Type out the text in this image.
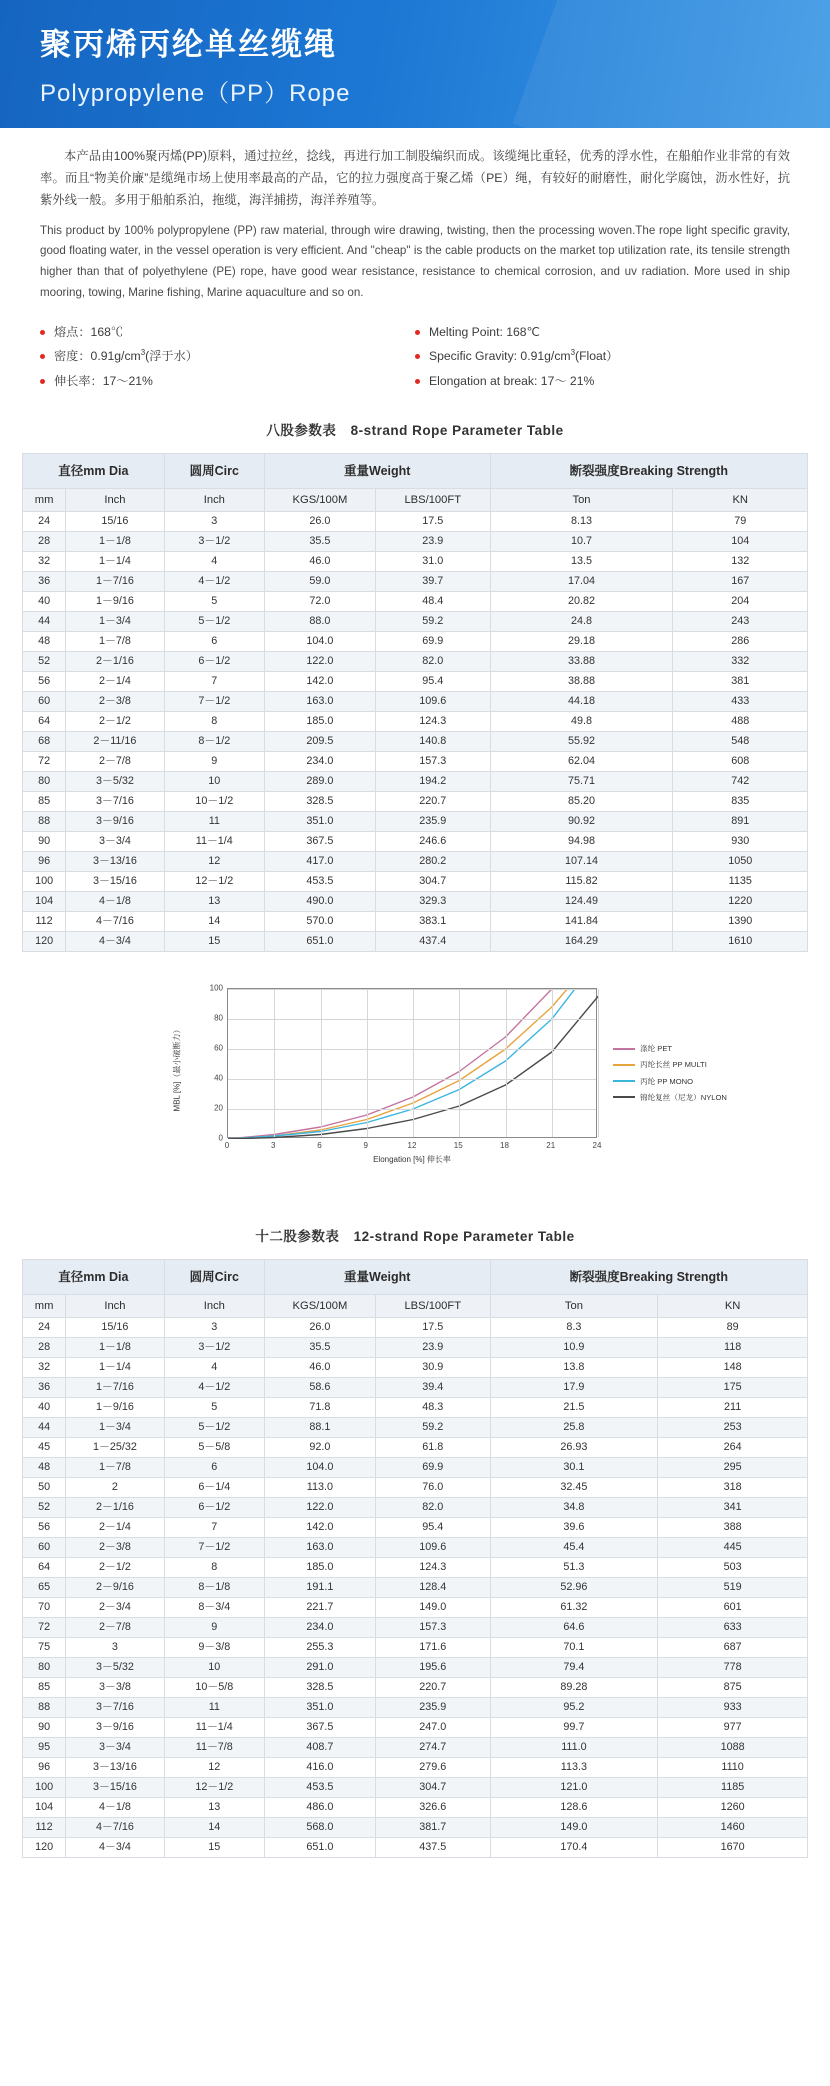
聚丙烯丙纶单丝缆绳
Polypropylene（PP）Rope

本产品由100%聚丙烯(PP)原料，通过拉丝，捻线，再进行加工制股编织而成。该缆绳比重轻，优秀的浮水性，在船舶作业非常的有效率。而且“物美价廉”是缆绳市场上使用率最高的产品，它的拉力强度高于聚乙烯（PE）绳，有较好的耐磨性，耐化学腐蚀，沥水性好，抗紫外线一般。多用于船舶系泊，拖缆，海洋捕捞，海洋养殖等。

This product by 100% polypropylene (PP) raw material, through wire drawing, twisting, then the processing woven.The rope light specific gravity, good floating water, in the vessel operation is very efficient. And "cheap" is the cable products on the market top utilization rate, its tensile strength higher than that of polyethylene (PE) rope, have good wear resistance, resistance to chemical corrosion, and uv radiation. More used in ship mooring, towing, Marine fishing, Marine aquaculture and so on.

熔点：168℃
密度：$0.91g/cm^3$(浮于水）
伸长率：17～21%
Melting Point: 168℃
Specific Gravity: $0.91g/cm^3(Float)$
Elongation at break: 17～ 21%
八股参数表 8-strand Rope Parameter Table
直径mm Dia		圆周Circ	重量Weight		断裂强度Breaking Strength	
mm	Inch	Inch	KGS/100M	LBS/100FT	Ton	KN
24	15/16	3	26.0	17.5	8.13	79
28	1－1/8	3－1/2	35.5	23.9	10.7	104
32	1－1/4	4	46.0	31.0	13.5	132
36	1－7/16	4－1/2	59.0	39.7	17.04	167
40	1－9/16	5	72.0	48.4	20.82	204
44	1－3/4	5－1/2	88.0	59.2	24.8	243
48	1－7/8	6	104.0	69.9	29.18	286
52	2－1/16	6－1/2	122.0	82.0	33.88	332
56	2－1/4	7	142.0	95.4	38.88	381
60	2－3/8	7－1/2	163.0	109.6	44.18	433
64	2－1/2	8	185.0	124.3	49.8	488
68	2－11/16	8－1/2	209.5	140.8	55.92	548
72	2－7/8	9	234.0	157.3	62.04	608
80	3－5/32	10	289.0	194.2	75.71	742
85	3－7/16	10－1/2	328.5	220.7	85.20	835
88	3－9/16	11	351.0	235.9	90.92	891
90	3－3/4	11－1/4	367.5	246.6	94.98	930
96	3－13/16	12	417.0	280.2	107.14	1050
100	3－15/16	12－1/2	453.5	304.7	115.82	1135
104	4－1/8	13	490.0	329.3	124.49	1220
112	4－7/16	14	570.0	383.1	141.84	1390
120	4－3/4	15	651.0	437.4	164.29	1610
MBL [%]（最小破断力）
0
20
40
60
80
100
0	3	6	9	12	15	18	21	24
Elongation [%] 伸长率
涤纶 PET
丙纶长丝 PP MULTI
丙纶 PP MONO
锦纶复丝（尼龙）NYLON
十二股参数表 12-strand Rope Parameter Table
直径mm Dia		圆周Circ	重量Weight		断裂强度Breaking Strength	
mm	Inch	Inch	KGS/100M	LBS/100FT	Ton	KN
24	15/16	3	26.0	17.5	8.3	89
28	1－1/8	3－1/2	35.5	23.9	10.9	118
32	1－1/4	4	46.0	30.9	13.8	148
36	1－7/16	4－1/2	58.6	39.4	17.9	175
40	1－9/16	5	71.8	48.3	21.5	211
44	1－3/4	5－1/2	88.1	59.2	25.8	253
45	1－25/32	5－5/8	92.0	61.8	26.93	264
48	1－7/8	6	104.0	69.9	30.1	295
50	2	6－1/4	113.0	76.0	32.45	318
52	2－1/16	6－1/2	122.0	82.0	34.8	341
56	2－1/4	7	142.0	95.4	39.6	388
60	2－3/8	7－1/2	163.0	109.6	45.4	445
64	2－1/2	8	185.0	124.3	51.3	503
65	2－9/16	8－1/8	191.1	128.4	52.96	519
70	2－3/4	8－3/4	221.7	149.0	61.32	601
72	2－7/8	9	234.0	157.3	64.6	633
75	3	9－3/8	255.3	171.6	70.1	687
80	3－5/32	10	291.0	195.6	79.4	778
85	3－3/8	10－5/8	328.5	220.7	89.28	875
88	3－7/16	11	351.0	235.9	95.2	933
90	3－9/16	11－1/4	367.5	247.0	99.7	977
95	3－3/4	11－7/8	408.7	274.7	111.0	1088
96	3－13/16	12	416.0	279.6	113.3	1110
100	3－15/16	12－1/2	453.5	304.7	121.0	1185
104	4－1/8	13	486.0	326.6	128.6	1260
112	4－7/16	14	568.0	381.7	149.0	1460
120	4－3/4	15	651.0	437.5	170.4	1670
